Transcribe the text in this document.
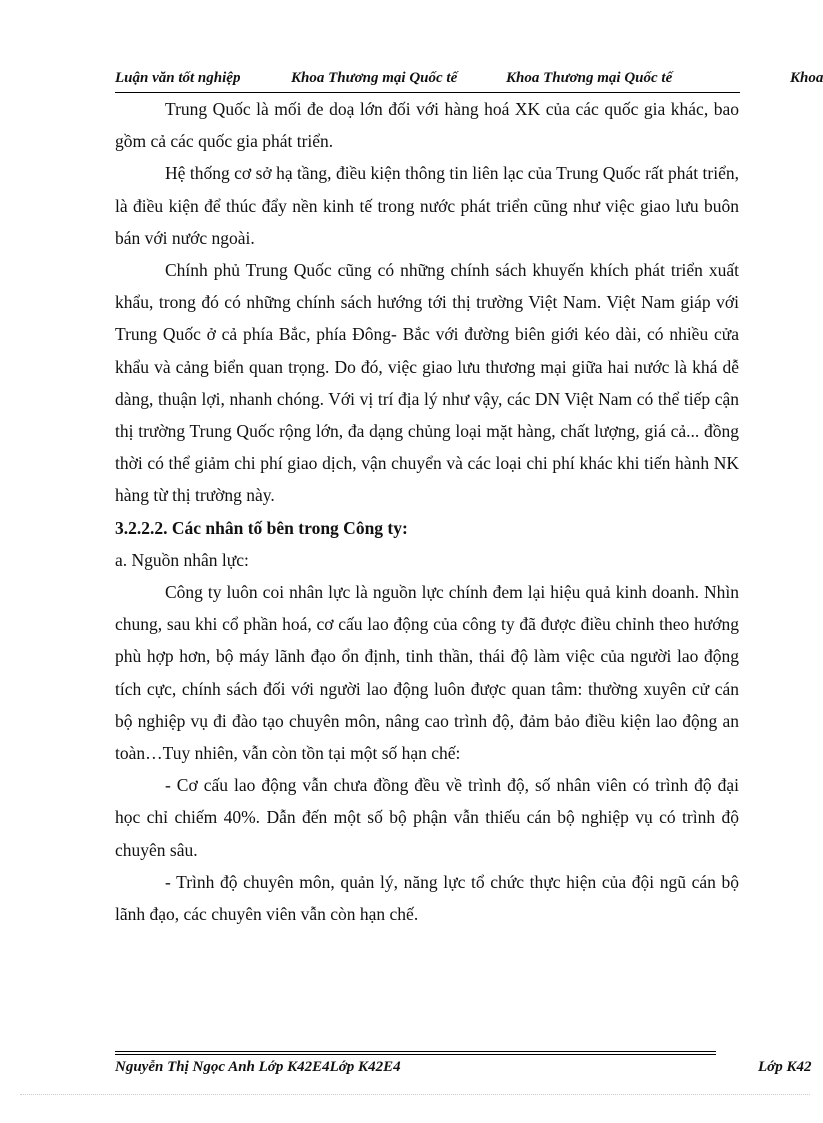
Luận văn tốt nghiệp	Khoa Thương mại Quốc tế	Khoa Thương mại Quốc tế	Khoa

Trung Quốc là mối đe doạ lớn đối với hàng hoá XK của các quốc gia khác, bao gồm cả các quốc gia phát triển.

Hệ thống cơ sở hạ tầng, điều kiện thông tin liên lạc của Trung Quốc rất phát triển, là điều kiện để thúc đẩy nền kinh tế trong nước phát triển cũng như việc giao lưu buôn bán với nước ngoài.

Chính phủ Trung Quốc cũng có những chính sách khuyến khích phát triển xuất khẩu, trong đó có những chính sách hướng tới thị trường Việt Nam. Việt Nam giáp với Trung Quốc ở cả phía Bắc, phía Đông- Bắc với đường biên giới kéo dài, có nhiều cửa khẩu và cảng biển quan trọng. Do đó, việc giao lưu thương mại giữa hai nước là khá dễ dàng, thuận lợi, nhanh chóng. Với vị trí địa lý như vậy, các DN Việt Nam có thể tiếp cận thị trường Trung Quốc rộng lớn, đa dạng chủng loại mặt hàng, chất lượng, giá cả... đồng thời có thể giảm chi phí giao dịch, vận chuyển và các loại chi phí khác khi tiến hành NK hàng từ thị trường này.

3.2.2.2. Các nhân tố bên trong Công ty:

a. Nguồn nhân lực:

Công ty luôn coi nhân lực là nguồn lực chính đem lại hiệu quả kinh doanh. Nhìn chung, sau khi cổ phần hoá, cơ cấu lao động của công ty đã được điều chỉnh theo hướng phù hợp hơn, bộ máy lãnh đạo ổn định, tinh thần, thái độ làm việc của người lao động tích cực, chính sách đối với người lao động luôn được quan tâm: thường xuyên cử cán bộ nghiệp vụ đi đào tạo chuyên môn, nâng cao trình độ, đảm bảo điều kiện lao động an toàn…Tuy nhiên, vẫn còn tồn tại một số hạn chế:

- Cơ cấu lao động vẫn chưa đồng đều về trình độ, số nhân viên có trình độ đại học chỉ chiếm 40%. Dẫn đến một số bộ phận vẫn thiếu cán bộ nghiệp vụ có trình độ chuyên sâu.

- Trình độ chuyên môn, quản lý, năng lực tổ chức thực hiện của đội ngũ cán bộ lãnh đạo, các chuyên viên vẫn còn hạn chế.

Nguyễn Thị Ngọc Anh Lớp K42E4Lớp K42E4	Lớp K42
